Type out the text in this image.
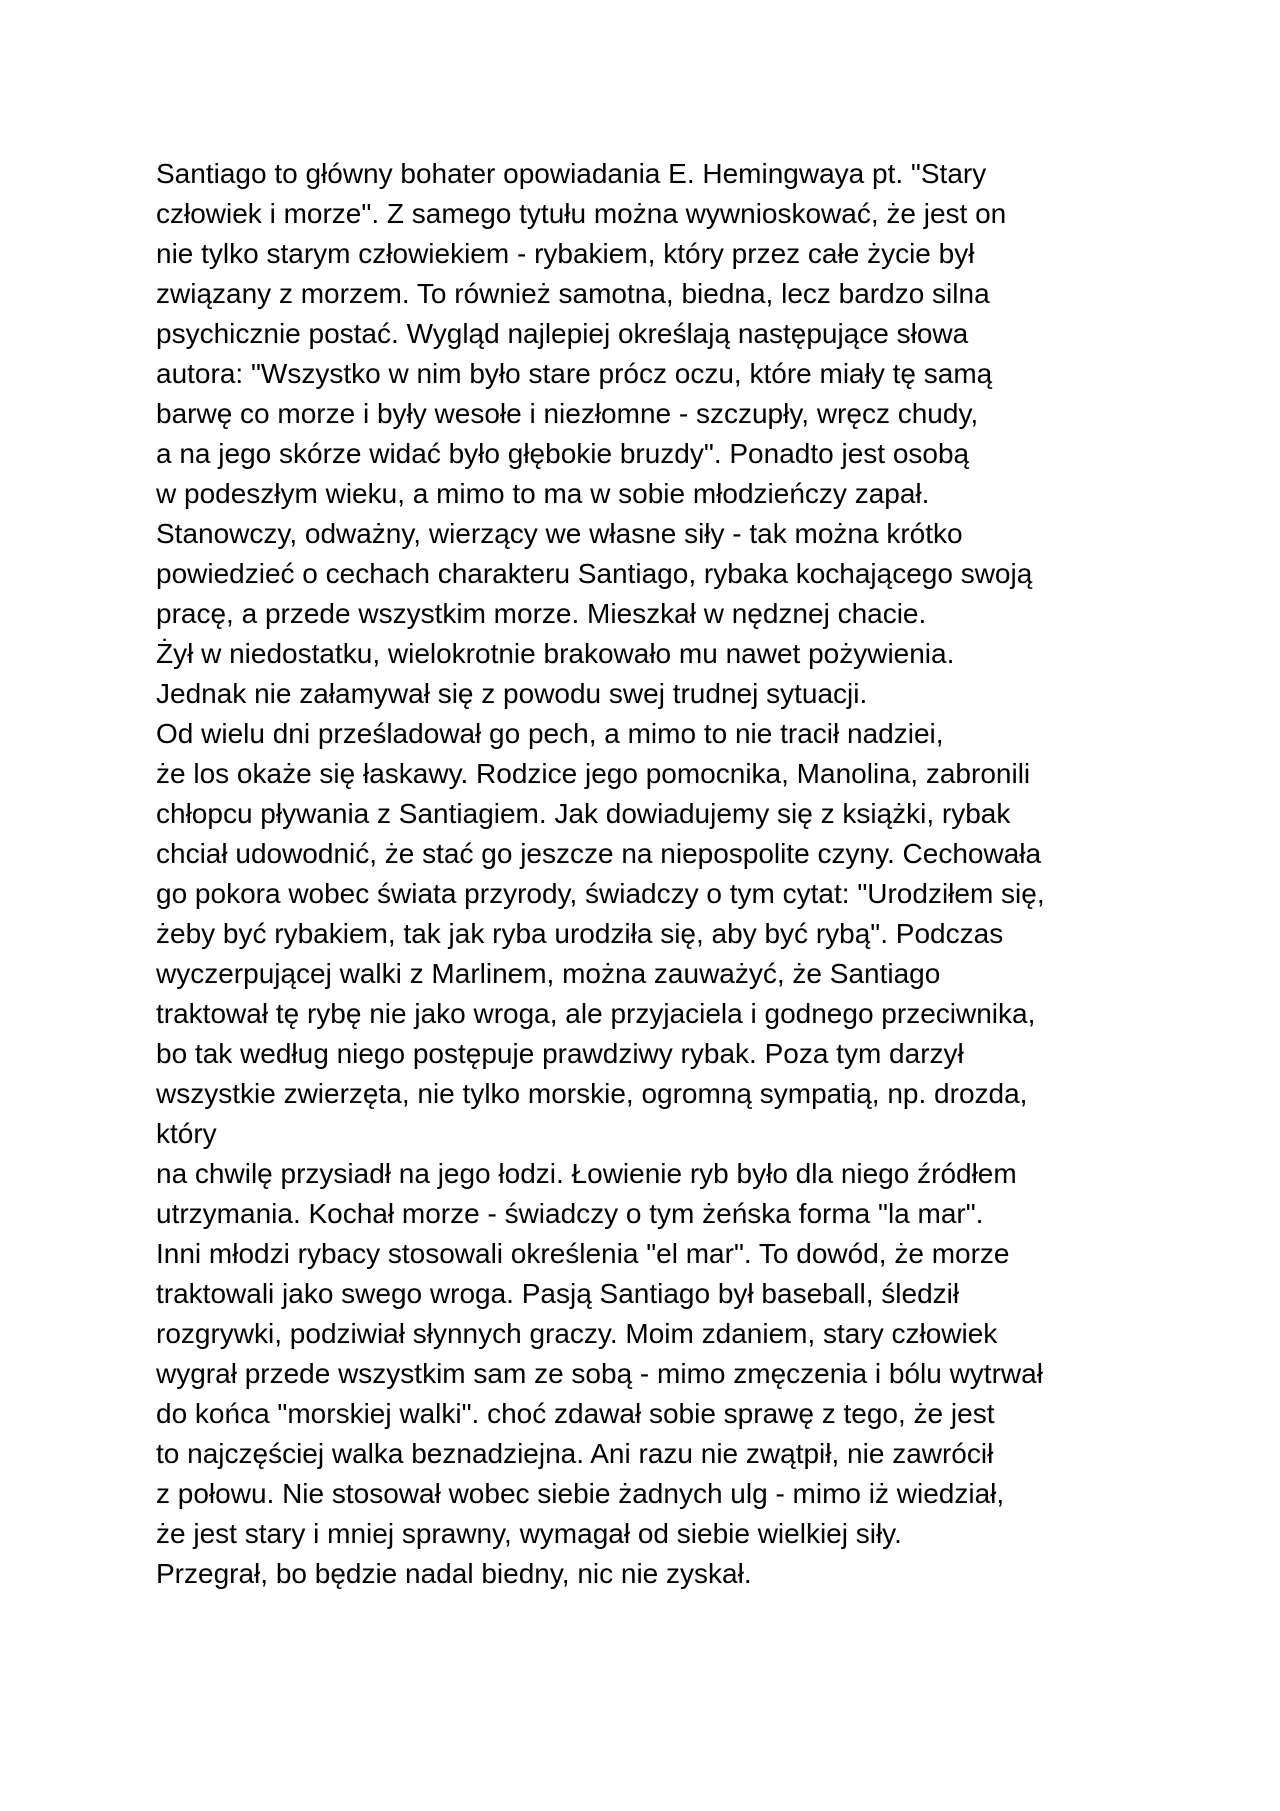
Santiago to główny bohater opowiadania E. Hemingwaya pt. "Stary
człowiek i morze". Z samego tytułu można wywnioskować, że jest on
nie tylko starym człowiekiem - rybakiem, który przez całe życie był
związany z morzem. To również samotna, biedna, lecz bardzo silna
psychicznie postać. Wygląd najlepiej określają następujące słowa
autora: "Wszystko w nim było stare prócz oczu, które miały tę samą
barwę co morze i były wesołe i niezłomne - szczupły, wręcz chudy,
a na jego skórze widać było głębokie bruzdy". Ponadto jest osobą
w podeszłym wieku, a mimo to ma w sobie młodzieńczy zapał.
Stanowczy, odważny, wierzący we własne siły - tak można krótko
powiedzieć o cechach charakteru Santiago, rybaka kochającego swoją
pracę, a przede wszystkim morze. Mieszkał w nędznej chacie.
Żył w niedostatku, wielokrotnie brakowało mu nawet pożywienia.
Jednak nie załamywał się z powodu swej trudnej sytuacji.
Od wielu dni prześladował go pech, a mimo to nie tracił nadziei,
że los okaże się łaskawy. Rodzice jego pomocnika, Manolina, zabronili
chłopcu pływania z Santiagiem. Jak dowiadujemy się z książki, rybak
chciał udowodnić, że stać go jeszcze na niepospolite czyny. Cechowała
go pokora wobec świata przyrody, świadczy o tym cytat: "Urodziłem się,
żeby być rybakiem, tak jak ryba urodziła się, aby być rybą". Podczas
wyczerpującej walki z Marlinem, można zauważyć, że Santiago
traktował tę rybę nie jako wroga, ale przyjaciela i godnego przeciwnika,
bo tak według niego postępuje prawdziwy rybak. Poza tym darzył
wszystkie zwierzęta, nie tylko morskie, ogromną sympatią, np. drozda,
który
na chwilę przysiadł na jego łodzi. Łowienie ryb było dla niego źródłem
utrzymania. Kochał morze - świadczy o tym żeńska forma "la mar".
Inni młodzi rybacy stosowali określenia "el mar". To dowód, że morze
traktowali jako swego wroga. Pasją Santiago był baseball, śledził
rozgrywki, podziwiał słynnych graczy. Moim zdaniem, stary człowiek
wygrał przede wszystkim sam ze sobą - mimo zmęczenia i bólu wytrwał
do końca "morskiej walki". choć zdawał sobie sprawę z tego, że jest
to najczęściej walka beznadziejna. Ani razu nie zwątpił, nie zawrócił
z połowu. Nie stosował wobec siebie żadnych ulg - mimo iż wiedział,
że jest stary i mniej sprawny, wymagał od siebie wielkiej siły.
Przegrał, bo będzie nadal biedny, nic nie zyskał.
